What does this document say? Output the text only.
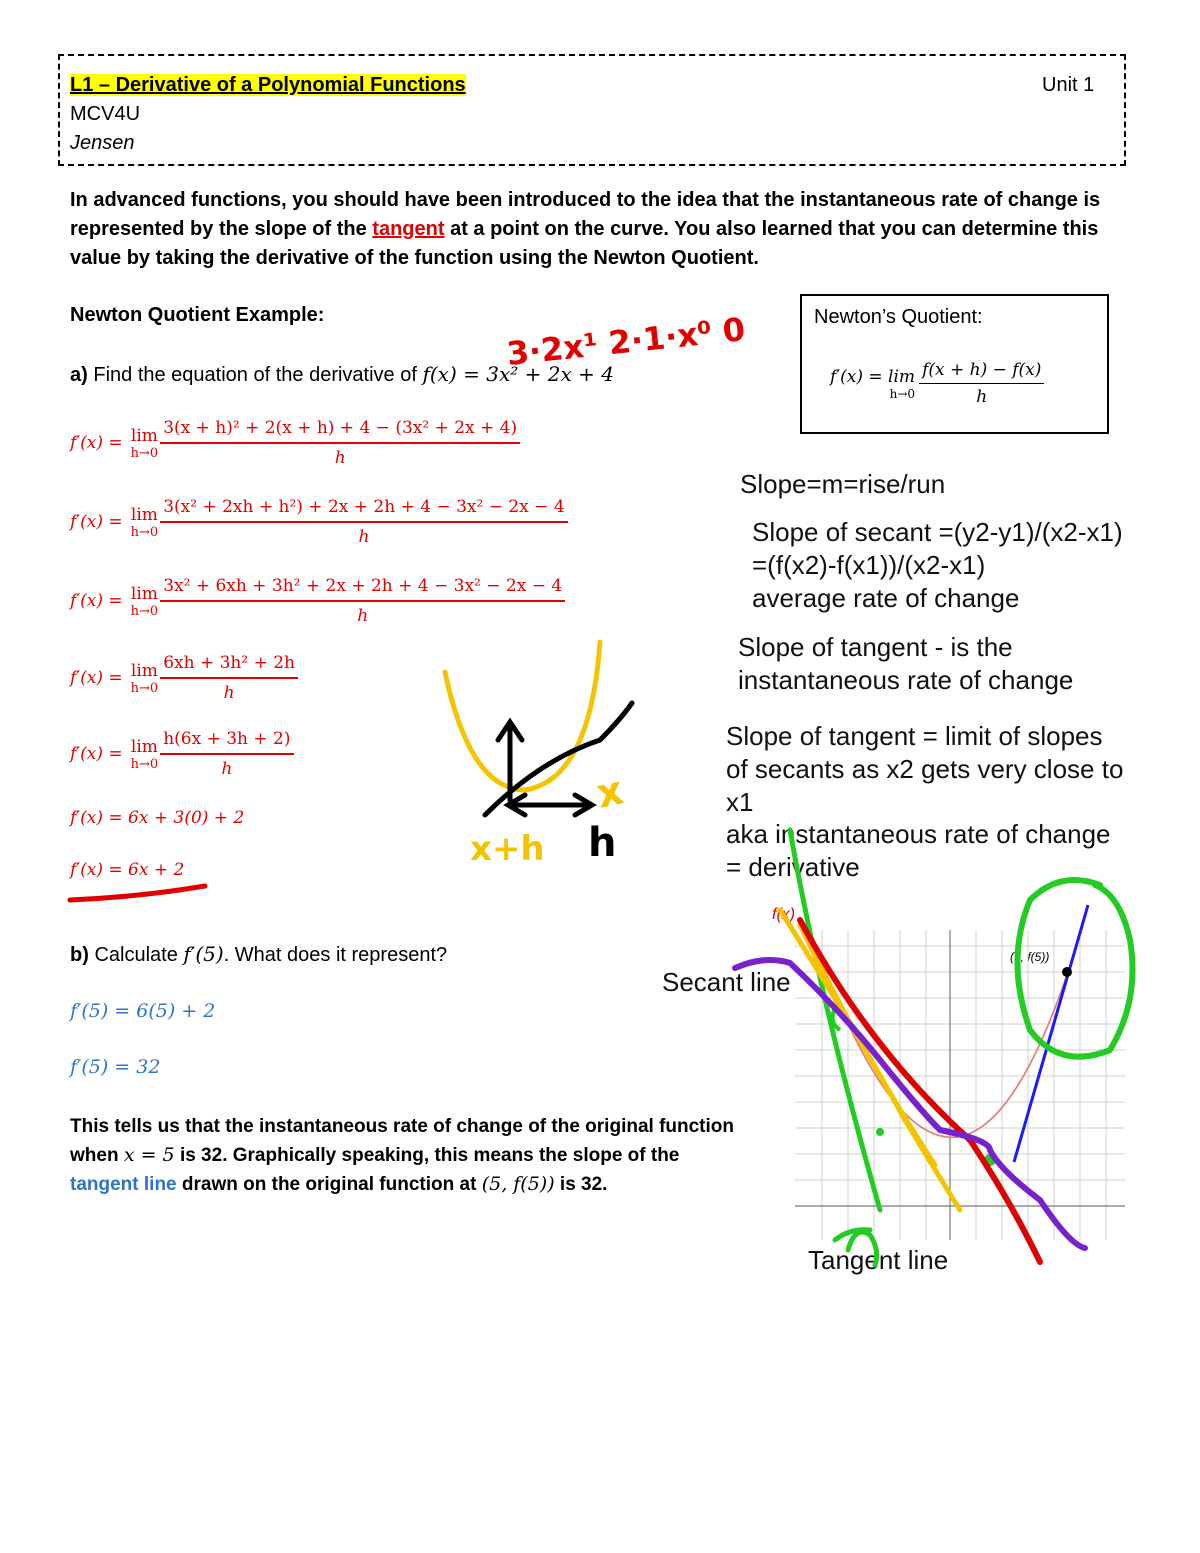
L1 – Derivative of a Polynomial Functions	Unit 1
MCV4U
Jensen
In advanced functions, you should have been introduced to the idea that the instantaneous rate of change is represented by the slope of the tangent at a point on the curve. You also learned that you can determine this value by taking the derivative of the function using the Newton Quotient.
Newton Quotient Example:
a) Find the equation of the derivative of f(x) = 3x² + 2x + 4
f′(x) = lim
$h\to 0 \frac{\text{3(x + h)² + 2(x + h) + 4 − (3x² + 2x + 4)}}{h}$
f′(x) = lim
$h\to 0 \frac{\text{3(x² + 2xh + h²) + 2x + 2h + 4 − 3x² − 2x − 4}}{h}$
f′(x) = lim
$h\to 0 \frac{\text{3x² + 6xh + 3h² + 2x + 2h + 4 − 3x² − 2x − 4}}{h}$
f′(x) = lim
$h\to 0 \frac{\text{6xh + 3h² + 2h}}{h}$
f′(x) = lim
$h\to 0 \frac{h(6x + 3h + 2)}{h}$
f′(x) = 6x + 3(0) + 2
f′(x) = 6x + 2
b) Calculate f′(5). What does it represent?
f′(5) = 6(5) + 2
f′(5) = 32
This tells us that the instantaneous rate of change of the original function
when x = 5 is 32. Graphically speaking, this means the slope of the
tangent line drawn on the original function at (5, f(5)) is 32.
Newton’s Quotient:
f′(x) = lim
h→0
f(x + h) − f(x)
h
Slope=m=rise/run
Slope of secant =(y2-y1)/(x2-x1)
=(f(x2)-f(x1))/(x2-x1)
average rate of change
Slope of tangent - is the
instantaneous rate of change
Slope of tangent = limit of slopes
of secants as x2 gets very close to
x1
aka instantaneous rate of change
= derivative
Secant line
Tangent line
f(x)
(5, f(5))
3·2x¹ 2·1·x⁰ 0
x
x+h h
